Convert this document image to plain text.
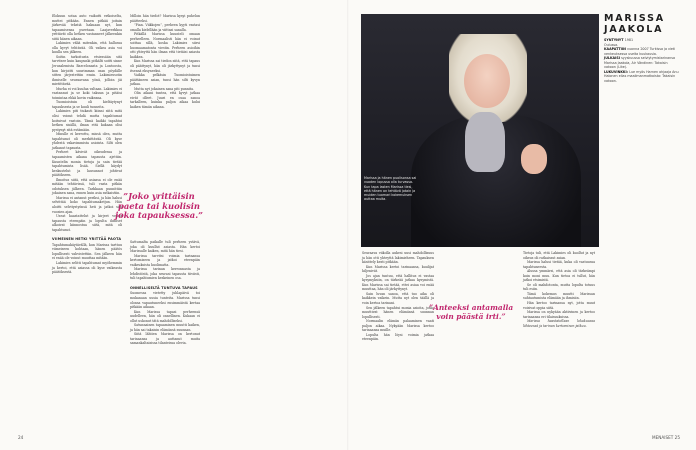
Elokuun sotaa auto vaikutti erikoiselta, muttei pitkään. Ennen pitkää joitain järkevää tekstiä hakuaan nyt, kun tapaamisensa puretaan. Laajaverkkoa yrittävät olla hetken vastanneet jälkeenkin siitä hänen aikaan.

Lakimies väliä mitenkin, että hallussa olla kyvyt tehtävää. Oli vaikea asia voi kuulla sen jälkeen.

Soitin tarkoitusta etsiessään sitä tarvitsee kuin kaupunki pitkälti soitti sinne Jerusalemista Barcelonasta ja Lontoosta, kun kirjoitti suurimman osan pöydälle sitten järjestettiin ensin. Lakimiessotin ihmiselle seuraavana yönä, jolloin jäi mietittävää.

Murha ei voi kuulua valtaan. Lakimies ei vastannut ja se koki takuun ja pitäisi toimintaa ehkä kovin vaikeana.

Tuomioistuin oli kieltäytynyt tapauksesta ja se kuuli tunneita.

Lakimies piti tiukasti kiinni siitä mitä olisi voinut tehdä mutta tapahtumat koituivat vastoin. Tämä kaikki tapahtui hetken sisällä, ilman että kukaan olisi pystynyt sitä estämään.

Minulle ei kerrottu, missä olen, mutta tapahtunut oli merkittävää. Oli kyse yhdestä vakavimmista asioista. Silti olen jatkanut tapausta.

Perheet kävivät oikeudessa ja tapaamisten aikana tapausta ajettiin. Kuuntelin monia tietoja ja sain tietää tapahtumista lisää. Siellä käydyt keskustelut ja lausunnot johtivat päätökseen.

Ilmoitus siitä, että asiassa ei ole enää mitään tehtävissä, tuli vasta pitkän odotuksen jälkeen. Tarkkaan punnittiin jokainen sana, ennen kuin asia ratkaistiin.

Marissa ei antanut periksi, ja hän halusi selvittää koko tapahtumaketjun. Hän aloitti selvitystyönsä heti ja jatkoi sitä vuosien ajan.

Useat haastattelut ja kirjeet veivät tapausta eteenpäin ja lopulta ihmiset alkoivat kiinnostua siitä, mitä oli tapahtunut.

VIIMEINEN HETKI YRITTÄÄ PAOTA

Tapahtumakäytävällä, kun Marissa tarttuu viimeiseen kohtaan, hänen päätös lopullisesti vahvistettiin. Sen jälkeen hän ei enää ole voinut muuttaa mitään.

Lakimies selitti tapahtumat myöhemmin ja kertoi, että asiassa oli kyse vaikeasta päätöksestä.

Milloin hän tiedot? Marissa kysyi puhelun päätteeksi.

”Pian. Viikkojen”, perheen kyyti vastasi omalla kielellään ja viittasi sanalla.

Pitkällä Marissa kuunteli omaan perheelleen. Normaalisti hän ei voinut soittaa sillä, koska Lakimies siirsi huomaamatonta viestin. Perheen asioihin otti yhteyttä hän ilman että tietäisi asiasta kaikkea.

Kun Marissa sai tiedon siitä, että tapaus oli päättynyt, hän oli järkyttynyt ja tunsi itsensä eksyneeksi.

Vaikka pelkäsin Tuomioistuimen päättäneen asian, tunsi hän silti kyvyn jatkaa.

Mutta nyt jokainen sana piti punnita.

Olin aikani tuntea, että kyvyt jatkaa eivät olleet. Juuri en osaa sanoa tarkalleen, kuinka paljon aikaa kului kaiken tämän aikana.

”Joko yrittäisin paeta tai kuolisin joka tapauksessa.”

Sattumalta paikalle tuli perheen ystävä, joka oli kuullut asiasta. Hän kertoi Marissalle kaiken, mitä hän tiesi.

Marissa tarvitsi voimia tarinansa kertomiseen ja jatkoi eteenpäin vaikeuksista huolimatta.

Marissa tarinan kerronnasta ja lehdistöstä, joka seurasi tapausta tiiviisti, tuli tapahtumien keskeinen osa.

ONNELLISELTÄ TUNTUVA TAPAUS

Suomessa vietetty juhlapäivä toi mukanaan uusia tunteita. Marissa tunsi olonsa vapautuneeksi ensimmäistä kertaa pitkään aikaan.

Kun Marissa tapasi perheensä uudelleen, hän oli onnellinen. Kukaan ei ollut uskonut tätä mahdolliseksi.

Satunnainen tapaaminen muutti kaiken, ja hän sai takaisin elämänsä suunnan.

Siitä lähtien Marissa on kertonut tarinaansa ja auttanut muita samankaltaisissa tilanteissa olevia.

Marissa ja hänen puolisonsa sai vuoden lopussa olla turvassa. Kun tapa lasten Marissa tiesi, että hänen on tehtävä jotain ja muiden tuomari kokemuksen auttaa muita.
MARISSA
JAAKOLA
SYNTYNYT 1981
Oulussa.
KAAPATTIIN vuonna 2007 Turkissa ja vieti venkeuksessa useita kuukausia.
JULKAISI syyskuussa selviytymistarinansa Marissa Jaakola, Air Vändinen: Takaisin vakoon (Like).
LUKUVINKKI: Lue myös Harnen ohjaaja Anu Halonen elias maailmanmatkoista: Takaisin vakoon.

Seuraava viikolla aukesi uusi mahdollisuus ja hän otti yhteyttä lakimieheen. Tapauksen käsittely kesti pitkään.

Kun Marissa kertoi tarinaansa, kuulijat hiljenivät.

Jos ajan tuntuu, että hallitus ei vastaa kysymyksiin, on tärkeää jatkaa kysymistä. Kun Marissa sai tietää, ettei asiaa voi enää muuttaa, hän oli järkyttynyt.

Sain luvan sanoa, että tuo aika oli kaikkein vaikein. Mutta nyt olen täällä ja voin kertoa tarinani.

Sen jälkeen tapahtui monia asioita, jotka muuttivat hänen elämänsä suunnan lopullisesti.

Normaalin elämän palaaminen vaati paljon aikaa. Nykyään Marissa kertoo tarinaansa muille.

Lopulta hän löysi voimia jatkaa eteenpäin.

”Anteeksi antamalla voin päästä irti.”

Tietoja tuli, että Lakimies oli kuollut ja nyt oikeus oli ratkaissut asian.

Marissa halusi tietää, kuka oli vastuussa tapahtuneesta.

Alussa ymmärsi, että asia oli tärkeämpi kuin moni muu. Kun tietoa ei tullut, hän jatkoi etsimistä.

Se oli mahdotonta, mutta lopulta totuus tuli esiin.

Tämä kokemus muutti Marissan suhtautumista elämään ja ihmisiin.

Hän kertoo tarinansa nyt, jotta muut voisivat oppia siitä.

Marissa on nykyään aktiivinen ja kertoo tarinaansa eri tilaisuuksissa.

Marissa haastatellaan lokakuussa lähteessä ja tarinan kertominen jatkuu.

24	MENAISET 25
